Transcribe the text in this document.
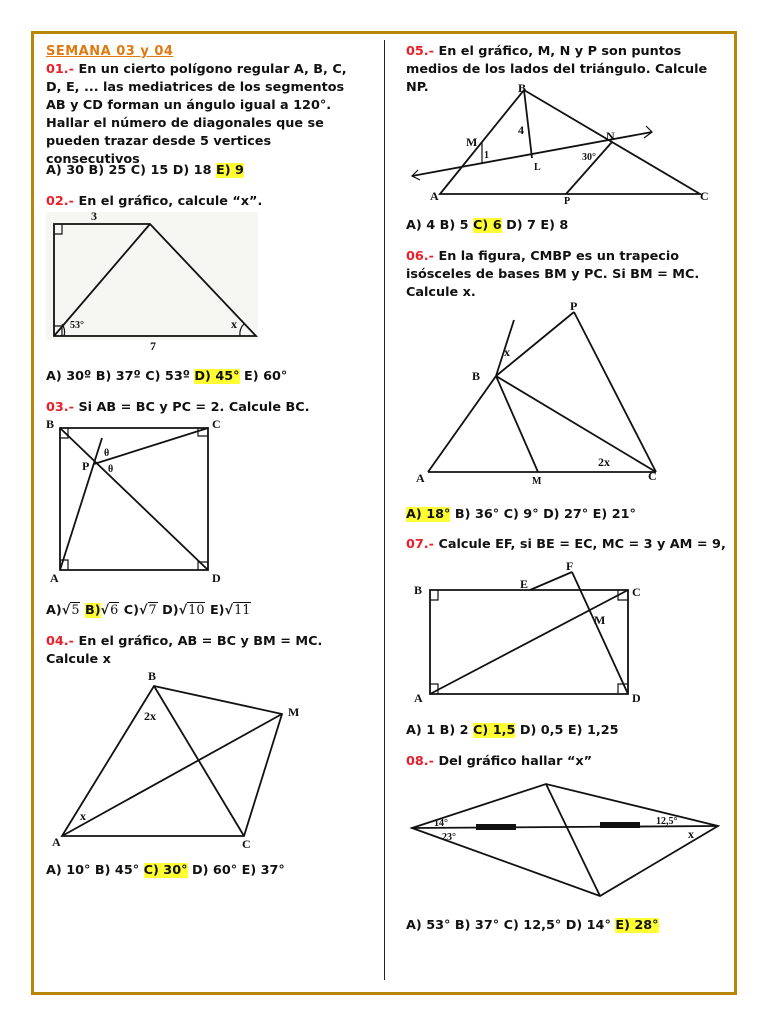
SEMANA 03 y 04
01.- En un cierto polígono regular A, B, C, D, E, ... las mediatrices de los segmentos AB y CD forman un ángulo igual a 120°. Hallar el número de diagonales que se pueden trazar desde 5 vertices consecutivos
A) 30 B) 25 C) 15 D) 18 E) 9
02.- En el gráfico, calcule “x”.
3
7
53°	x
A) 30º B) 37º C) 53º D) 45° E) 60°
03.- Si AB = BC y PC = 2. Calcule BC.
B	C
A	D
P
θ
θ
A)√5 B)√6 C)√7 D)√10 E)√11
04.- En el gráfico, AB = BC y BM = MC. Calcule x
B
M
A	C
2x
x
A) 10° B) 45° C) 30° D) 60° E) 37°
05.- En el gráfico, M, N y P son puntos medios de los lados del triángulo. Calcule NP.	B
M	N
A	P	C
L
4
1	30°
A) 4 B) 5 C) 6 D) 7 E) 8
06.- En la figura, CMBP es un trapecio isósceles de bases BM y PC. Si BM = MC. Calcule x.
P
B
A	M	C
x
2x
A) 18° B) 36° C) 9° D) 27° E) 21°
07.- Calcule EF, si BE = EC, MC = 3 y AM = 9,
B	E
F
C
M
A	D
A) 1 B) 2 C) 1,5 D) 0,5 E) 1,25
08.- Del gráfico hallar “x”
14°
23°
12,5°
x
A) 53° B) 37° C) 12,5° D) 14° E) 28°
